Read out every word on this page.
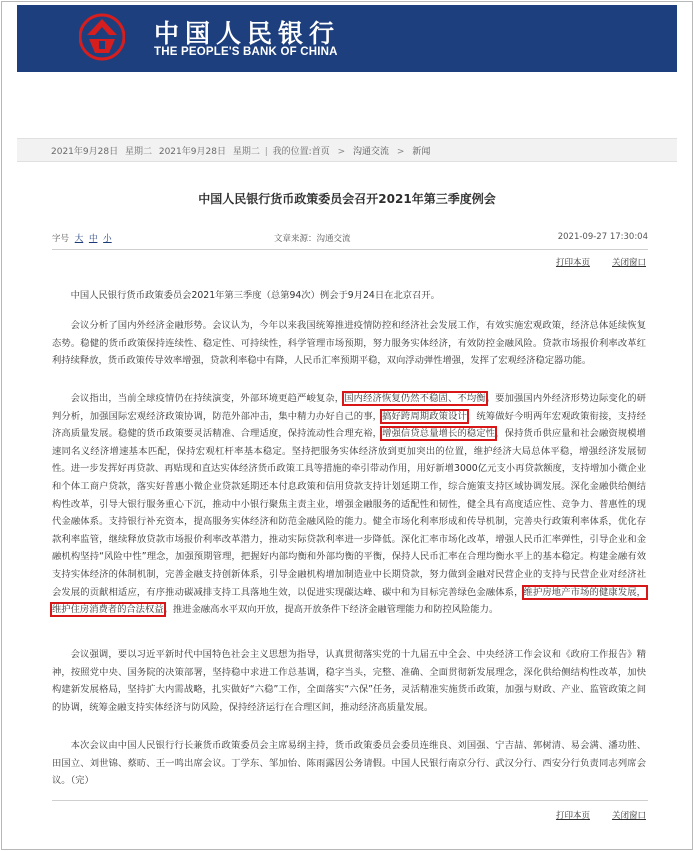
中国人民银行
THE PEOPLE'S BANK OF CHINA
2021年9月28日 星期二 2021年9月28日 星期二 | 我的位置:首页 > 沟通交流 > 新闻
中国人民银行货币政策委员会召开2021年第三季度例会
字号 大 中 小	文章来源：沟通交流	2021-09-27 17:30:04
打印本页	关闭窗口
中国人民银行货币政策委员会2021年第三季度（总第94次）例会于9月24日在北京召开。
会议分析了国内外经济金融形势。会议认为，今年以来我国统筹推进疫情防控和经济社会发展工作，有效实施宏观政策，经济总体延续恢复态势。稳健的货币政策保持连续性、稳定性、可持续性，科学管理市场预期，努力服务实体经济，有效防控金融风险。贷款市场报价利率改革红利持续释放，货币政策传导效率增强，贷款利率稳中有降，人民币汇率预期平稳，双向浮动弹性增强，发挥了宏观经济稳定器功能。
会议指出，当前全球疫情仍在持续演变，外部环境更趋严峻复杂，国内经济恢复仍然不稳固、不均衡。要加强国内外经济形势边际变化的研判分析，加强国际宏观经济政策协调，防范外部冲击，集中精力办好自己的事，搞好跨周期政策设计，统筹做好今明两年宏观政策衔接，支持经济高质量发展。稳健的货币政策要灵活精准、合理适度，保持流动性合理充裕，增强信贷总量增长的稳定性，保持货币供应量和社会融资规模增速同名义经济增速基本匹配，保持宏观杠杆率基本稳定。坚持把服务实体经济放到更加突出的位置，维护经济大局总体平稳，增强经济发展韧性。进一步发挥好再贷款、再贴现和直达实体经济货币政策工具等措施的牵引带动作用，用好新增3000亿元支小再贷款额度，支持增加小微企业和个体工商户贷款，落实好普惠小微企业贷款延期还本付息政策和信用贷款支持计划延期工作，综合施策支持区域协调发展。深化金融供给侧结构性改革，引导大银行服务重心下沉，推动中小银行聚焦主责主业，增强金融服务的适配性和韧性，健全具有高度适应性、竞争力、普惠性的现代金融体系。支持银行补充资本，提高服务实体经济和防范金融风险的能力。健全市场化利率形成和传导机制，完善央行政策利率体系，优化存款利率监管，继续释放贷款市场报价利率改革潜力，推动实际贷款利率进一步降低。深化汇率市场化改革，增强人民币汇率弹性，引导企业和金融机构坚持“风险中性”理念，加强预期管理，把握好内部均衡和外部均衡的平衡，保持人民币汇率在合理均衡水平上的基本稳定。构建金融有效支持实体经济的体制机制，完善金融支持创新体系，引导金融机构增加制造业中长期贷款，努力做到金融对民营企业的支持与民营企业对经济社会发展的贡献相适应，有序推动碳减排支持工具落地生效，以促进实现碳达峰、碳中和为目标完善绿色金融体系，维护房地产市场的健康发展，维护住房消费者的合法权益。推进金融高水平双向开放，提高开放条件下经济金融管理能力和防控风险能力。
会议强调，要以习近平新时代中国特色社会主义思想为指导，认真贯彻落实党的十九届五中全会、中央经济工作会议和《政府工作报告》精神，按照党中央、国务院的决策部署，坚持稳中求进工作总基调，稳字当头，完整、准确、全面贯彻新发展理念，深化供给侧结构性改革，加快构建新发展格局，坚持扩大内需战略，扎实做好“六稳”工作，全面落实“六保”任务，灵活精准实施货币政策，加强与财政、产业、监管政策之间的协调，统筹金融支持实体经济与防风险，保持经济运行在合理区间，推动经济高质量发展。
本次会议由中国人民银行行长兼货币政策委员会主席易纲主持，货币政策委员会委员连维良、刘国强、宁吉喆、郭树清、易会满、潘功胜、田国立、刘世锦、蔡昉、王一鸣出席会议。丁学东、邹加怡、陈雨露因公务请假。中国人民银行南京分行、武汉分行、西安分行负责同志列席会议。（完）
打印本页	关闭窗口
